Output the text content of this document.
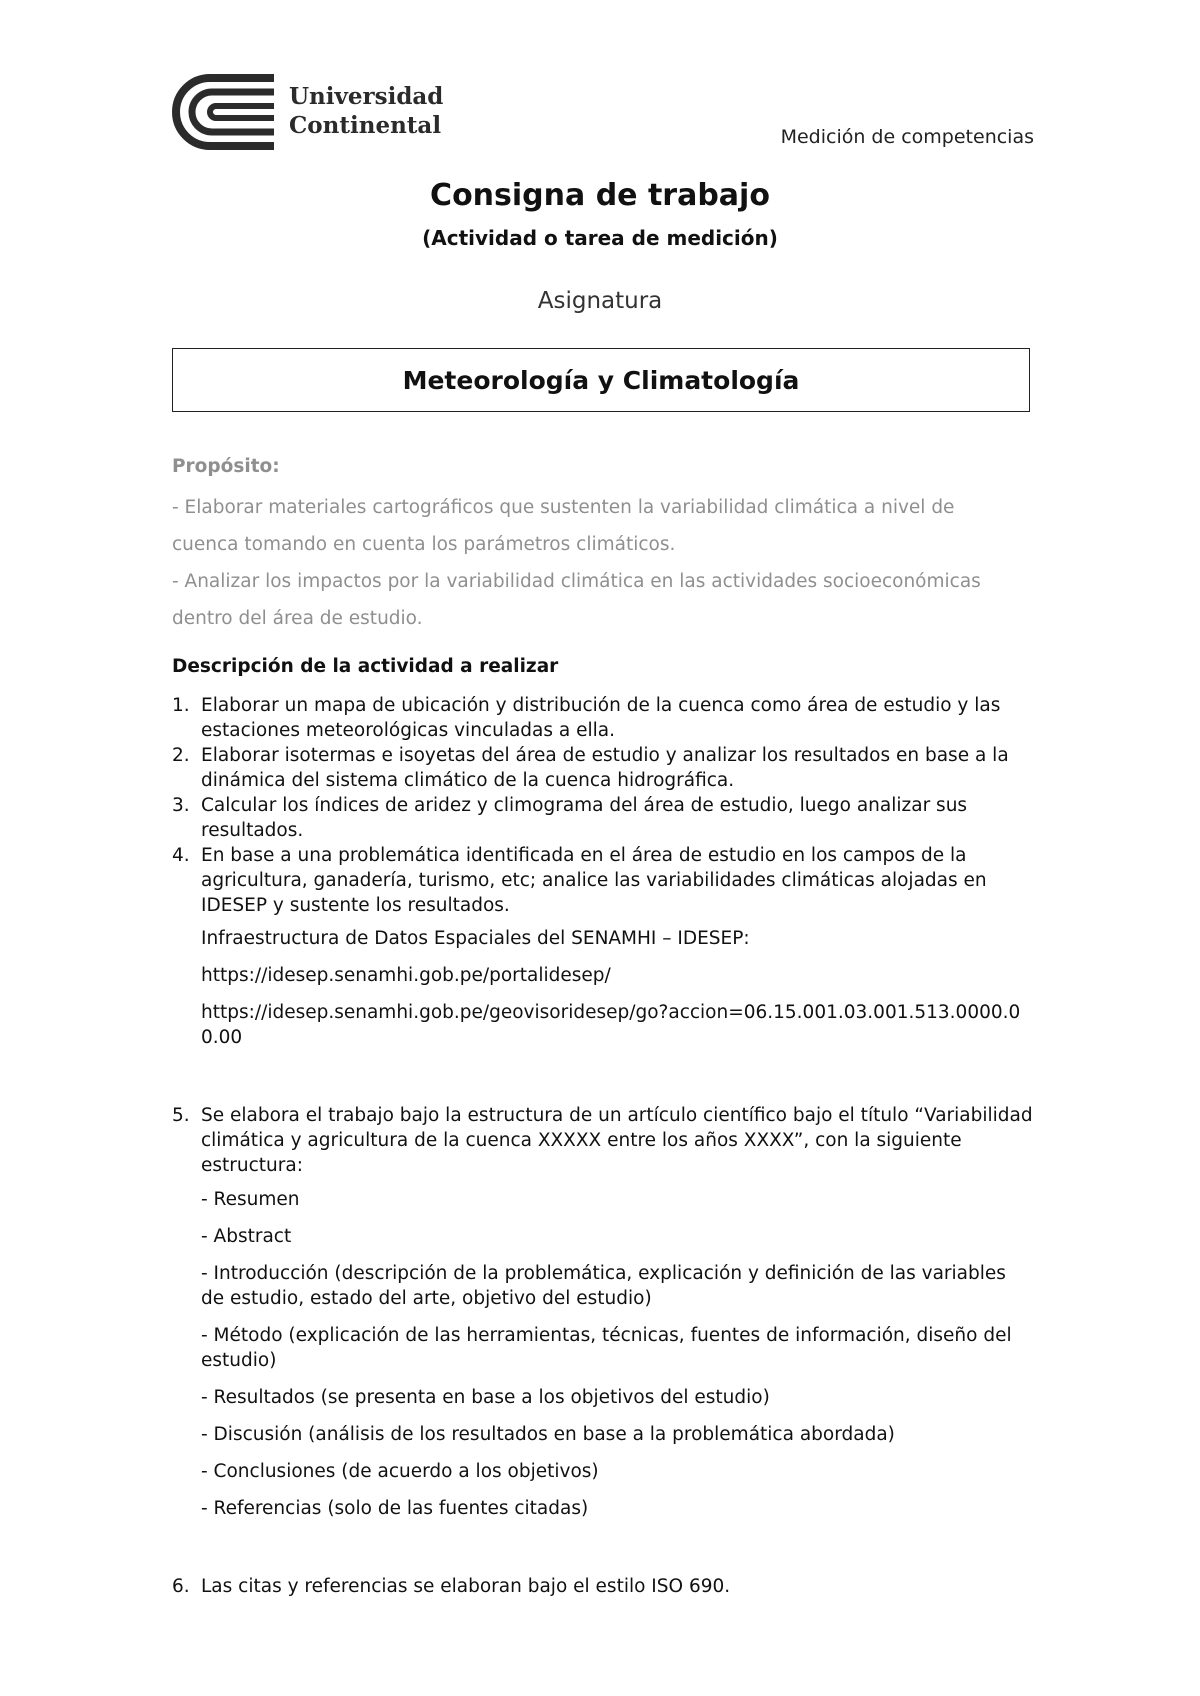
Universidad
Continental	Medición de competencias
Consigna de trabajo
(Actividad o tarea de medición)
Asignatura
Meteorología y Climatología
Propósito:
- Elaborar materiales cartográficos que sustenten la variabilidad climática a nivel de
cuenca tomando en cuenta los parámetros climáticos.
- Analizar los impactos por la variabilidad climática en las actividades socioeconómicas
dentro del área de estudio.
Descripción de la actividad a realizar
1. Elaborar un mapa de ubicación y distribución de la cuenca como área de estudio y las estaciones meteorológicas vinculadas a ella.
2. Elaborar isotermas e isoyetas del área de estudio y analizar los resultados en base a la dinámica del sistema climático de la cuenca hidrográfica.
3. Calcular los índices de aridez y climograma del área de estudio, luego analizar sus resultados.
4. En base a una problemática identificada en el área de estudio en los campos de la agricultura, ganadería, turismo, etc; analice las variabilidades climáticas alojadas en IDESEP y sustente los resultados.
Infraestructura de Datos Espaciales del SENAMHI – IDESEP:
https://idesep.senamhi.gob.pe/portalidesep/
https://idesep.senamhi.gob.pe/geovisoridesep/go?accion=06.15.001.03.001.513.0000.00.00
5. Se elabora el trabajo bajo la estructura de un artículo científico bajo el título “Variabilidad climática y agricultura de la cuenca XXXXX entre los años XXXX”, con la siguiente estructura:
- Resumen
- Abstract
- Introducción (descripción de la problemática, explicación y definición de las variables de estudio, estado del arte, objetivo del estudio)
- Método (explicación de las herramientas, técnicas, fuentes de información, diseño del estudio)
- Resultados (se presenta en base a los objetivos del estudio)
- Discusión (análisis de los resultados en base a la problemática abordada)
- Conclusiones (de acuerdo a los objetivos)
- Referencias (solo de las fuentes citadas)
6. Las citas y referencias se elaboran bajo el estilo ISO 690.
